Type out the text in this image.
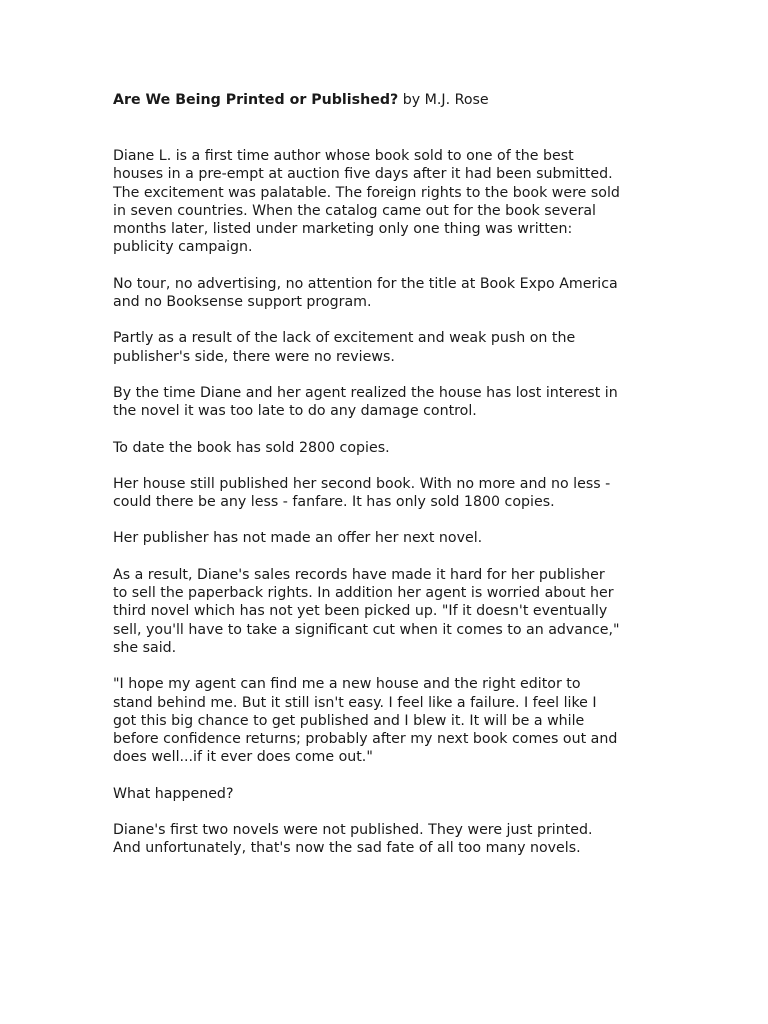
Are We Being Printed or Published? by M.J. Rose

Diane L. is a first time author whose book sold to one of the best
houses in a pre-empt at auction five days after it had been submitted.
The excitement was palatable. The foreign rights to the book were sold
in seven countries. When the catalog came out for the book several
months later, listed under marketing only one thing was written:
publicity campaign.

No tour, no advertising, no attention for the title at Book Expo America
and no Booksense support program.

Partly as a result of the lack of excitement and weak push on the
publisher's side, there were no reviews.

By the time Diane and her agent realized the house has lost interest in
the novel it was too late to do any damage control.

To date the book has sold 2800 copies.

Her house still published her second book. With no more and no less -
could there be any less - fanfare. It has only sold 1800 copies.

Her publisher has not made an offer her next novel.

As a result, Diane's sales records have made it hard for her publisher
to sell the paperback rights. In addition her agent is worried about her
third novel which has not yet been picked up. "If it doesn't eventually
sell, you'll have to take a significant cut when it comes to an advance,"
she said.

"I hope my agent can find me a new house and the right editor to
stand behind me. But it still isn't easy. I feel like a failure. I feel like I
got this big chance to get published and I blew it. It will be a while
before confidence returns; probably after my next book comes out and
does well...if it ever does come out."

What happened?

Diane's first two novels were not published. They were just printed.
And unfortunately, that's now the sad fate of all too many novels.
